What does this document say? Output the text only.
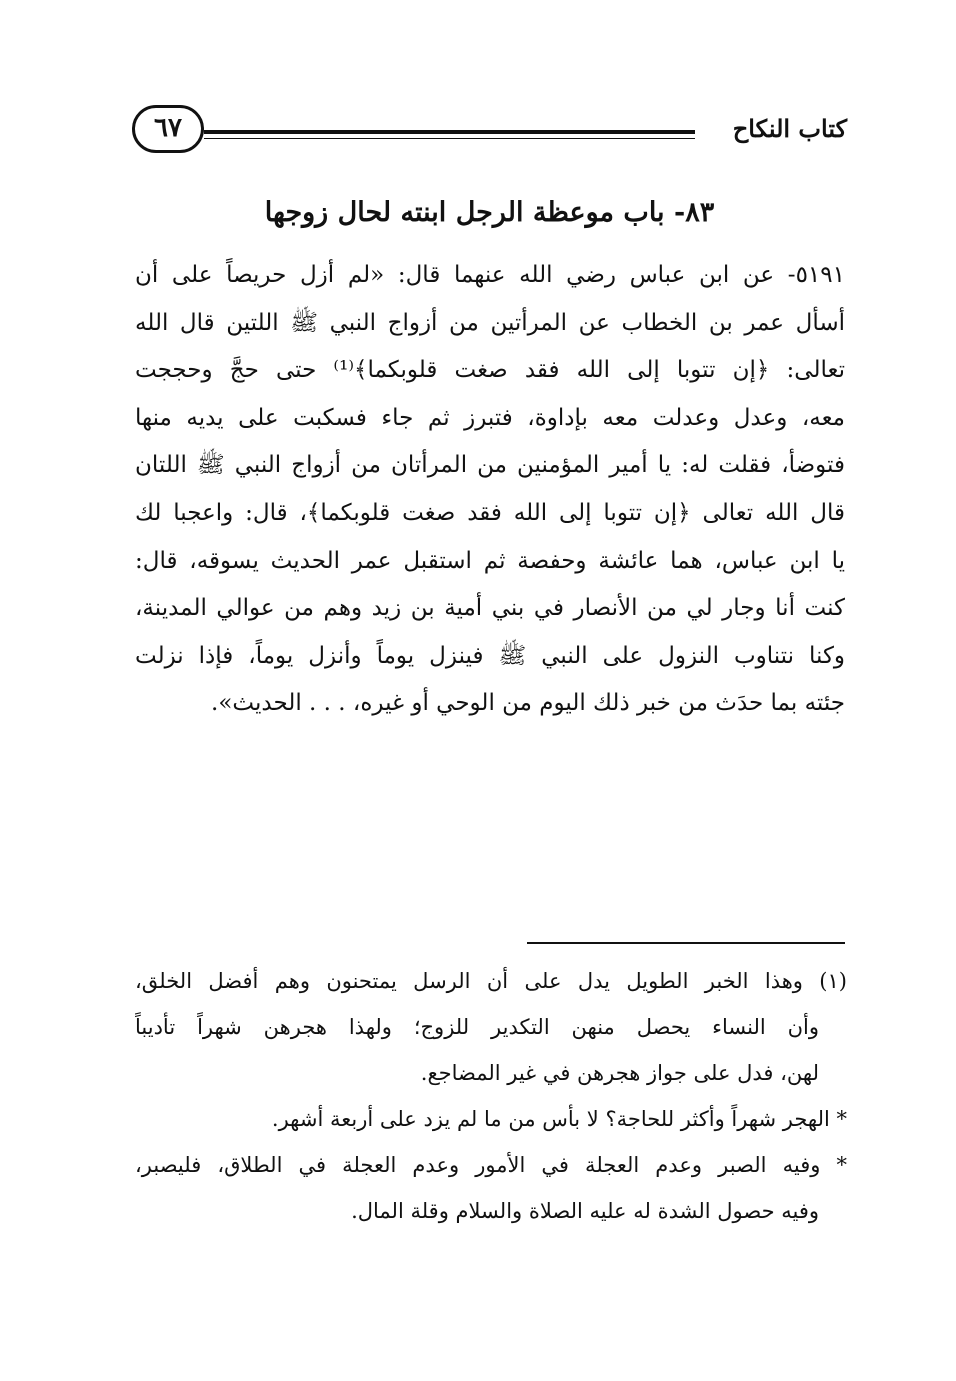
كتاب النكاح
٦٧
٨٣- باب موعظة الرجل ابنته لحال زوجها
٥١٩١- عن ابن عباس رضي الله عنهما قال: «لم أزل حريصاً على أن
أسأل عمر بن الخطاب عن المرأتين من أزواج النبي ﷺ اللتين قال الله
تعالى: ﴿إن تتوبا إلى الله فقد صغت قلوبكما﴾⁽¹⁾ حتى حجَّ وحججت
معه، وعدل وعدلت معه بإداوة، فتبرز ثم جاء فسكبت على يديه منها
فتوضأ، فقلت له: يا أمير المؤمنين من المرأتان من أزواج النبي ﷺ اللتان
قال الله تعالى ﴿إن تتوبا إلى الله فقد صغت قلوبكما﴾، قال: واعجبا لك
يا ابن عباس، هما عائشة وحفصة ثم استقبل عمر الحديث يسوقه، قال:
كنت أنا وجار لي من الأنصار في بني أمية بن زيد وهم من عوالي المدينة،
وكنا نتناوب النزول على النبي ﷺ فينزل يوماً وأنزل يوماً، فإذا نزلت
جئته بما حدَث من خبر ذلك اليوم من الوحي أو غيره، . . . الحديث».
(١) وهذا الخبر الطويل يدل على أن الرسل يمتحنون وهم أفضل الخلق،
وأن النساء يحصل منهن التكدير للزوج؛ ولهذا هجرهن شهراً تأديباً
لهن، فدل على جواز هجرهن في غير المضاجع.
* الهجر شهراً وأكثر للحاجة؟ لا بأس من ما لم يزد على أربعة أشهر.
* وفيه الصبر وعدم العجلة في الأمور وعدم العجلة في الطلاق، فليصبر،
وفيه حصول الشدة له عليه الصلاة والسلام وقلة المال.
